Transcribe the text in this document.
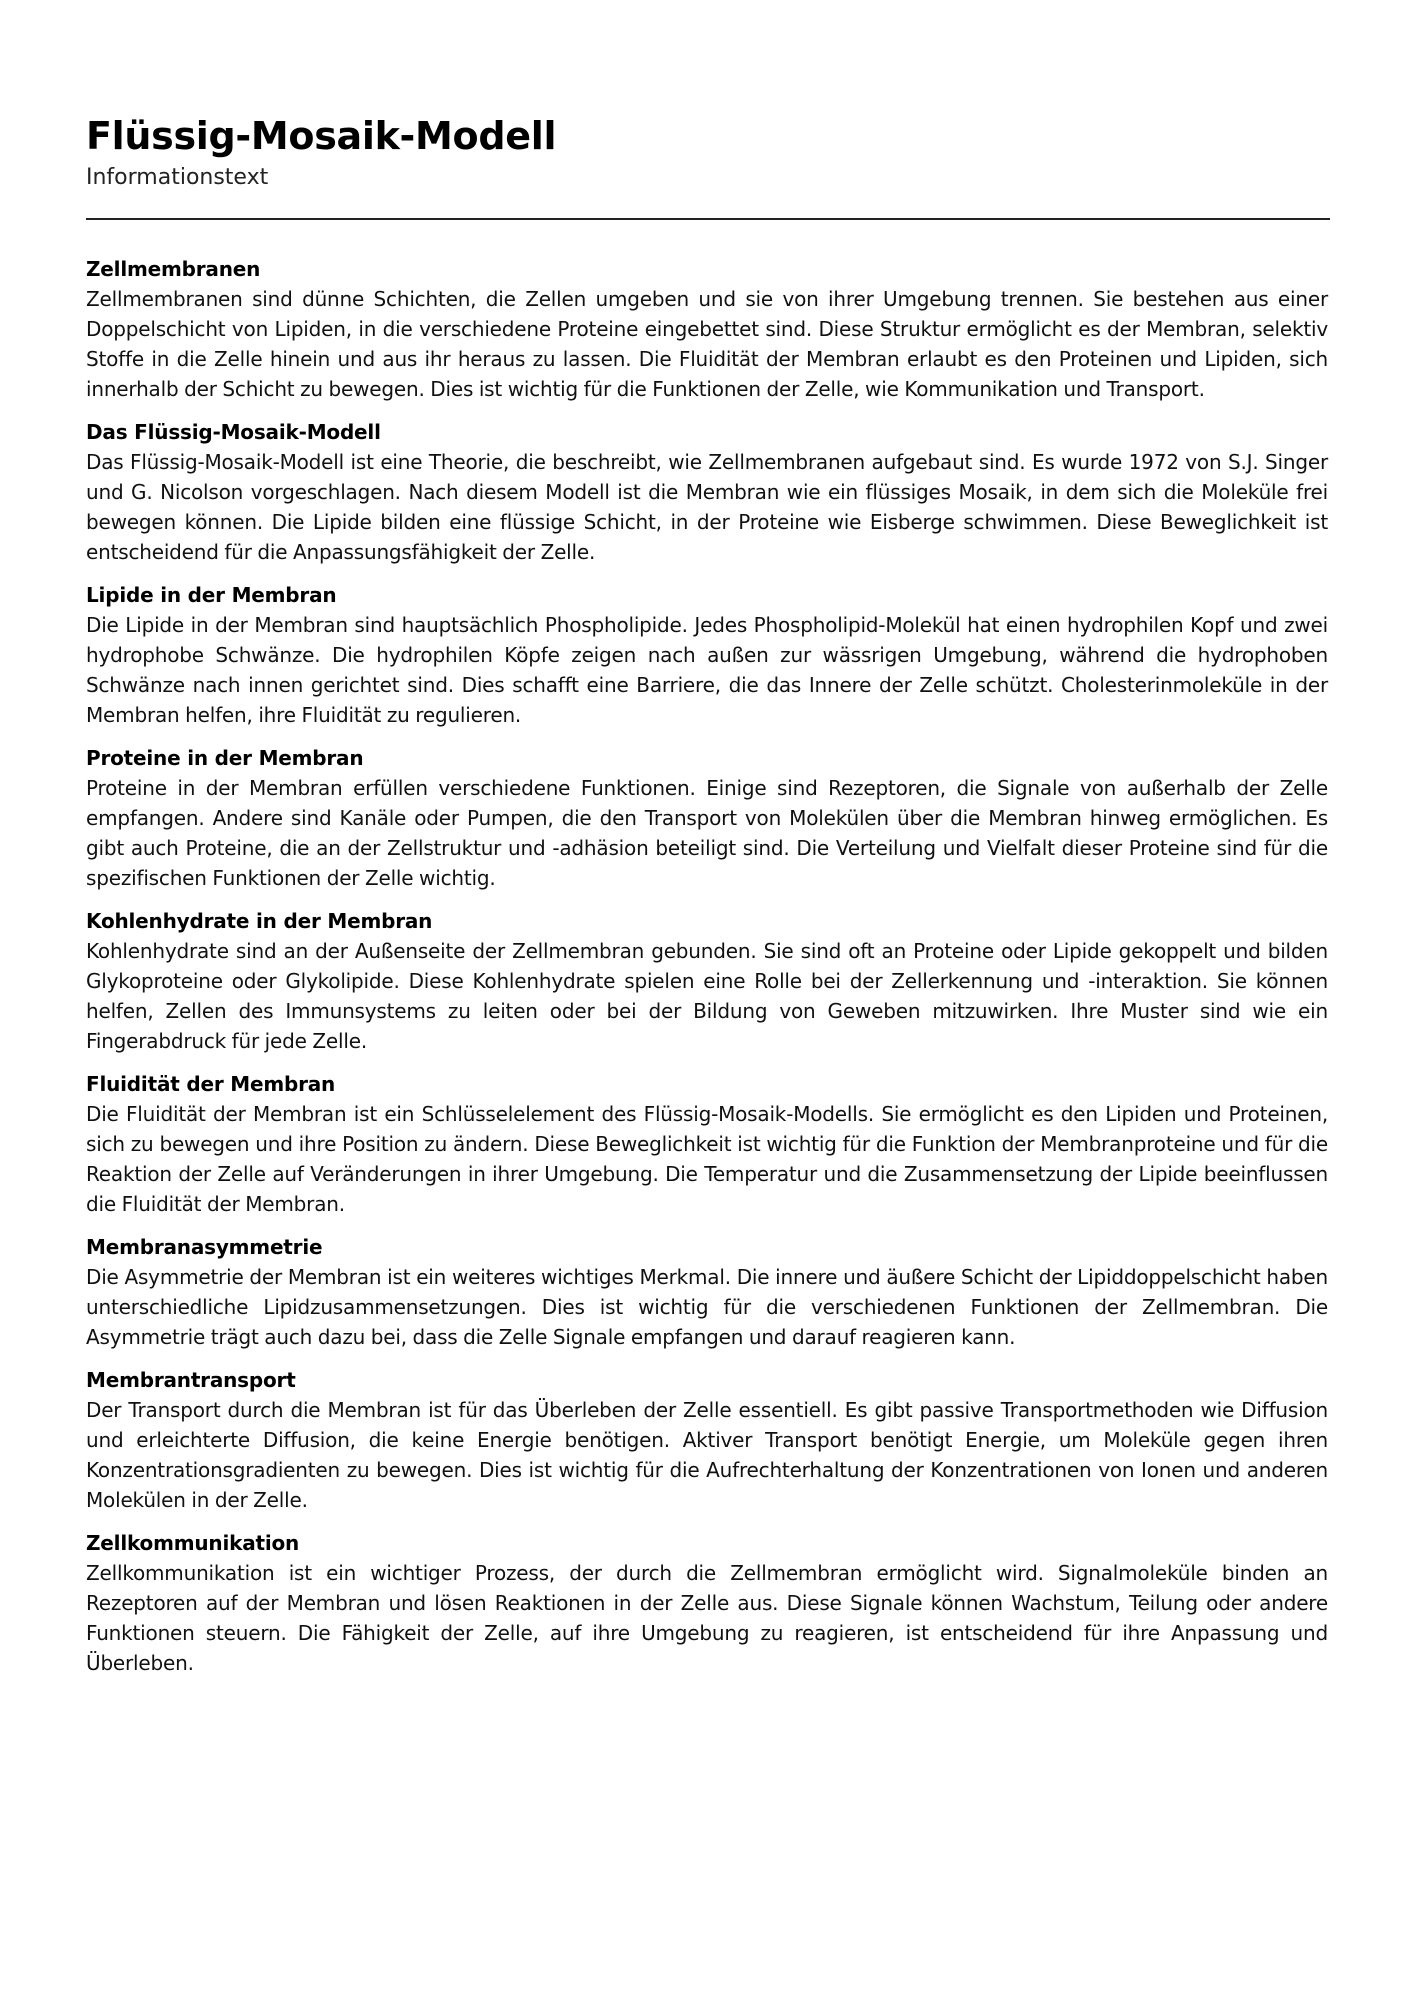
Flüssig-Mosaik-Modell
Informationstext
Zellmembranen

Zellmembranen sind dünne Schichten, die Zellen umgeben und sie von ihrer Umgebung trennen. Sie bestehen aus einer Doppelschicht von Lipiden, in die verschiedene Proteine eingebettet sind. Diese Struktur ermöglicht es der Membran, selektiv Stoffe in die Zelle hinein und aus ihr heraus zu lassen. Die Fluidität der Membran erlaubt es den Proteinen und Lipiden, sich innerhalb der Schicht zu bewegen. Dies ist wichtig für die Funktionen der Zelle, wie Kommunikation und Transport.

Das Flüssig-Mosaik-Modell

Das Flüssig-Mosaik-Modell ist eine Theorie, die beschreibt, wie Zellmembranen aufgebaut sind. Es wurde 1972 von S.J. Singer und G. Nicolson vorgeschlagen. Nach diesem Modell ist die Membran wie ein flüssiges Mosaik, in dem sich die Moleküle frei bewegen können. Die Lipide bilden eine flüssige Schicht, in der Proteine wie Eisberge schwimmen. Diese Beweglichkeit ist entscheidend für die Anpassungsfähigkeit der Zelle.

Lipide in der Membran

Die Lipide in der Membran sind hauptsächlich Phospholipide. Jedes Phospholipid-Molekül hat einen hydrophilen Kopf und zwei hydrophobe Schwänze. Die hydrophilen Köpfe zeigen nach außen zur wässrigen Umgebung, während die hydrophoben Schwänze nach innen gerichtet sind. Dies schafft eine Barriere, die das Innere der Zelle schützt. Cholesterinmoleküle in der Membran helfen, ihre Fluidität zu regulieren.

Proteine in der Membran

Proteine in der Membran erfüllen verschiedene Funktionen. Einige sind Rezeptoren, die Signale von außerhalb der Zelle empfangen. Andere sind Kanäle oder Pumpen, die den Transport von Molekülen über die Membran hinweg ermöglichen. Es gibt auch Proteine, die an der Zellstruktur und -adhäsion beteiligt sind. Die Verteilung und Vielfalt dieser Proteine sind für die spezifischen Funktionen der Zelle wichtig.

Kohlenhydrate in der Membran

Kohlenhydrate sind an der Außenseite der Zellmembran gebunden. Sie sind oft an Proteine oder Lipide gekoppelt und bilden Glykoproteine oder Glykolipide. Diese Kohlenhydrate spielen eine Rolle bei der Zellerkennung und -interaktion. Sie können helfen, Zellen des Immunsystems zu leiten oder bei der Bildung von Geweben mitzuwirken. Ihre Muster sind wie ein Fingerabdruck für jede Zelle.

Fluidität der Membran

Die Fluidität der Membran ist ein Schlüsselelement des Flüssig-Mosaik-Modells. Sie ermöglicht es den Lipiden und Proteinen, sich zu bewegen und ihre Position zu ändern. Diese Beweglichkeit ist wichtig für die Funktion der Membranproteine und für die Reaktion der Zelle auf Veränderungen in ihrer Umgebung. Die Temperatur und die Zusammensetzung der Lipide beeinflussen die Fluidität der Membran.

Membranasymmetrie

Die Asymmetrie der Membran ist ein weiteres wichtiges Merkmal. Die innere und äußere Schicht der Lipiddoppelschicht haben unterschiedliche Lipidzusammensetzungen. Dies ist wichtig für die verschiedenen Funktionen der Zellmembran. Die Asymmetrie trägt auch dazu bei, dass die Zelle Signale empfangen und darauf reagieren kann.

Membrantransport

Der Transport durch die Membran ist für das Überleben der Zelle essentiell. Es gibt passive Transportmethoden wie Diffusion und erleichterte Diffusion, die keine Energie benötigen. Aktiver Transport benötigt Energie, um Moleküle gegen ihren Konzentrationsgradienten zu bewegen. Dies ist wichtig für die Aufrechterhaltung der Konzentrationen von Ionen und anderen Molekülen in der Zelle.

Zellkommunikation

Zellkommunikation ist ein wichtiger Prozess, der durch die Zellmembran ermöglicht wird. Signalmoleküle binden an Rezeptoren auf der Membran und lösen Reaktionen in der Zelle aus. Diese Signale können Wachstum, Teilung oder andere Funktionen steuern. Die Fähigkeit der Zelle, auf ihre Umgebung zu reagieren, ist entscheidend für ihre Anpassung und Überleben.
